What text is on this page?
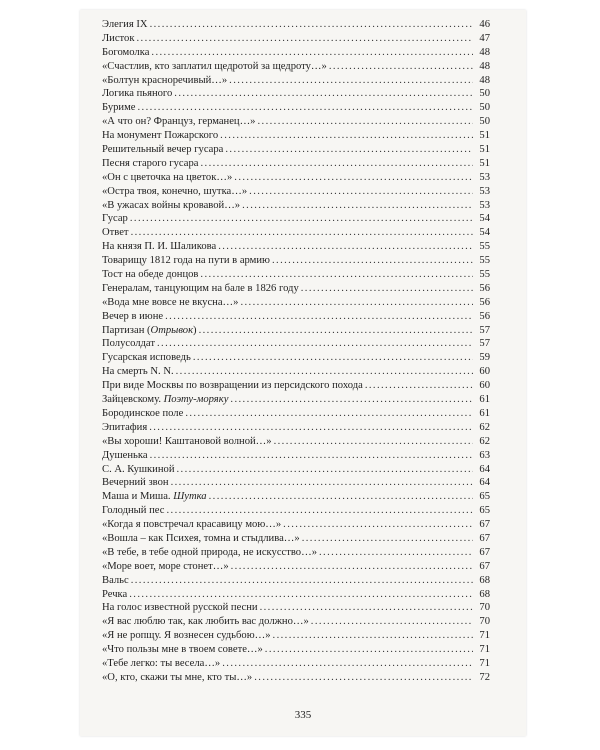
Элегия IX .....	46
Листок .....	47
Богомолка .....	48
«Счастлив, кто заплатил щедротой за щедроту…» .....	48
«Болтун красноречивый…» .....	48
Логика пьяного .....	50
Буриме .....	50
«А что он? Француз, германец…» .....	50
На монумент Пожарского .....	51
Решительный вечер гусара .....	51
Песня старого гусара .....	51
«Он с цветочка на цветок…» .....	53
«Остра твоя, конечно, шутка…» .....	53
«В ужасах войны кровавой…» .....	53
Гусар .....	54
Ответ .....	54
На князя П. И. Шаликова .....	55
Товарищу 1812 года на пути в армию .....	55
Тост на обеде донцов .....	55
Генералам, танцующим на бале в 1826 году .....	56
«Вода мне вовсе не вкусна…» .....	56
Вечер в июне .....	56
Партизан (Отрывок) .....	57
Полусолдат .....	57
Гусарская исповедь .....	59
На смерть N. N. .....	60
При виде Москвы по возвращении из персидского похода .....	60
Зайцевскому. Поэту-моряку .....	61
Бородинское поле .....	61
Эпитафия .....	62
«Вы хороши! Каштановой волной…» .....	62
Душенька .....	63
С. А. Кушкиной .....	64
Вечерний звон .....	64
Маша и Миша. Шутка .....	65
Голодный пес .....	65
«Когда я повстречал красавицу мою…» .....	67
«Вошла – как Психея, томна и стыдлива…» .....	67
«В тебе, в тебе одной природа, не искусство…» .....	67
«Море воет, море стонет…» .....	67
Вальс .....	68
Речка .....	68
На голос известной русской песни .....	70
«Я вас люблю так, как любить вас должно…» .....	70
«Я не ропщу. Я вознесен судьбою…» .....	71
«Что пользы мне в твоем совете…» .....	71
«Тебе легко: ты весела…» .....	71
«О, кто, скажи ты мне, кто ты…» .....	72
335
